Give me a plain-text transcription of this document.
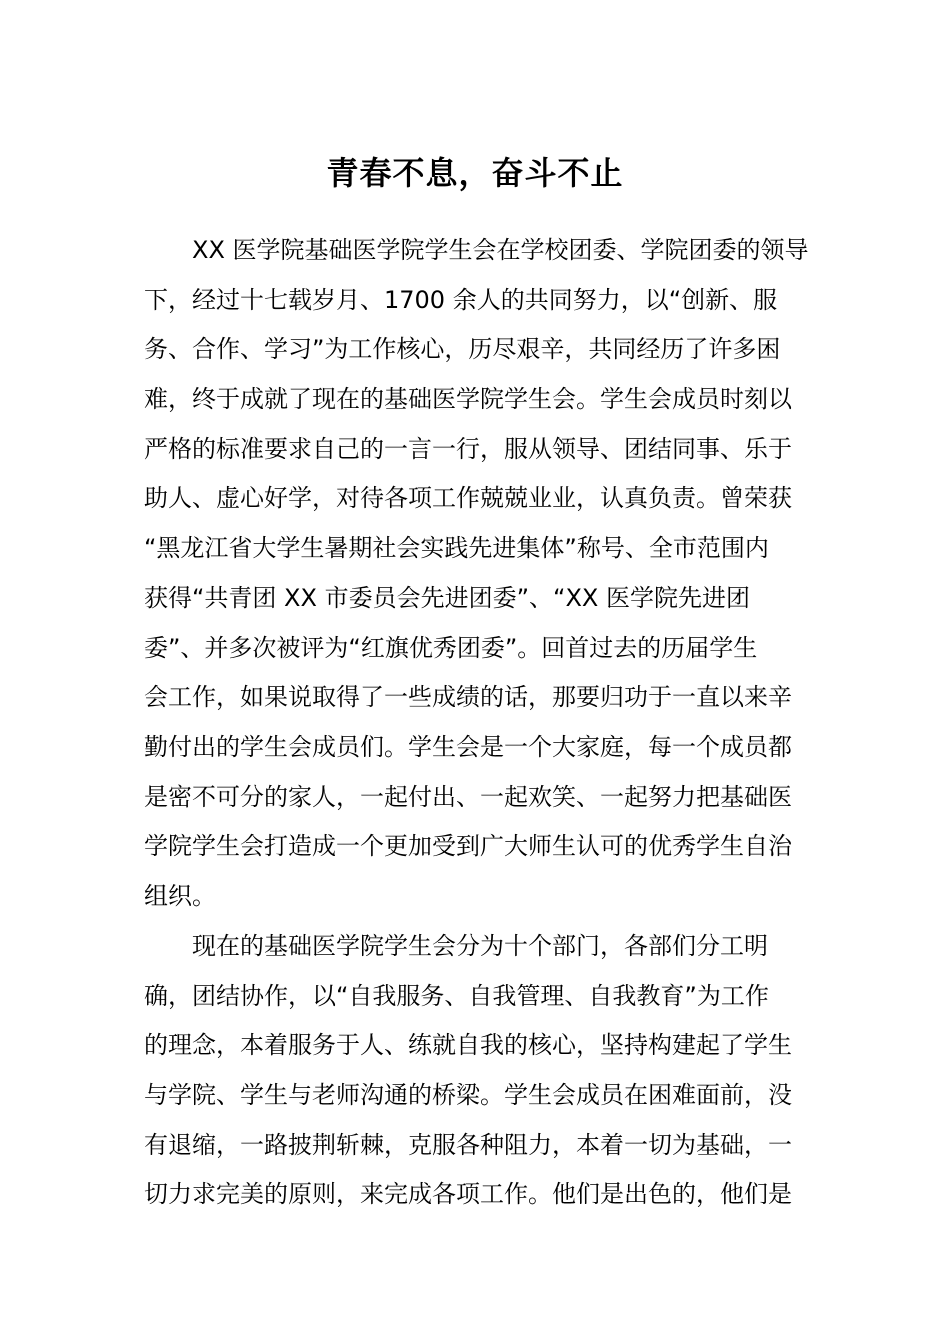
青春不息，奋斗不止
XX 医学院基础医学院学生会在学校团委、学院团委的领导
下，经过十七载岁月、1700 余人的共同努力，以“创新、服
务、合作、学习”为工作核心，历尽艰辛，共同经历了许多困
难，终于成就了现在的基础医学院学生会。学生会成员时刻以
严格的标准要求自己的一言一行，服从领导、团结同事、乐于
助人、虚心好学，对待各项工作兢兢业业，认真负责。曾荣获
“黑龙江省大学生暑期社会实践先进集体”称号、全市范围内
获得“共青团 XX 市委员会先进团委”、“XX 医学院先进团
委”、并多次被评为“红旗优秀团委”。回首过去的历届学生
会工作，如果说取得了一些成绩的话，那要归功于一直以来辛
勤付出的学生会成员们。学生会是一个大家庭，每一个成员都
是密不可分的家人，一起付出、一起欢笑、一起努力把基础医
学院学生会打造成一个更加受到广大师生认可的优秀学生自治
组织。
现在的基础医学院学生会分为十个部门，各部们分工明
确，团结协作，以“自我服务、自我管理、自我教育”为工作
的理念，本着服务于人、练就自我的核心，坚持构建起了学生
与学院、学生与老师沟通的桥梁。学生会成员在困难面前，没
有退缩，一路披荆斩棘，克服各种阻力，本着一切为基础，一
切力求完美的原则，来完成各项工作。他们是出色的，他们是
